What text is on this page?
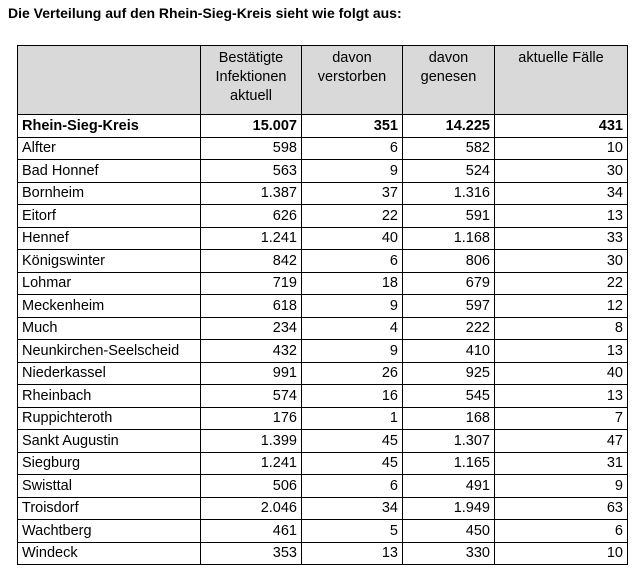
Die Verteilung auf den Rhein-Sieg-Kreis sieht wie folgt aus:
	Bestätigte Infektionen aktuell	davon verstorben	davon genesen	aktuelle Fälle
Rhein-Sieg-Kreis	15.007	351	14.225	431
Alfter	598	6	582	10
Bad Honnef	563	9	524	30
Bornheim	1.387	37	1.316	34
Eitorf	626	22	591	13
Hennef	1.241	40	1.168	33
Königswinter	842	6	806	30
Lohmar	719	18	679	22
Meckenheim	618	9	597	12
Much	234	4	222	8
Neunkirchen-Seelscheid	432	9	410	13
Niederkassel	991	26	925	40
Rheinbach	574	16	545	13
Ruppichteroth	176	1	168	7
Sankt Augustin	1.399	45	1.307	47
Siegburg	1.241	45	1.165	31
Swisttal	506	6	491	9
Troisdorf	2.046	34	1.949	63
Wachtberg	461	5	450	6
Windeck	353	13	330	10
